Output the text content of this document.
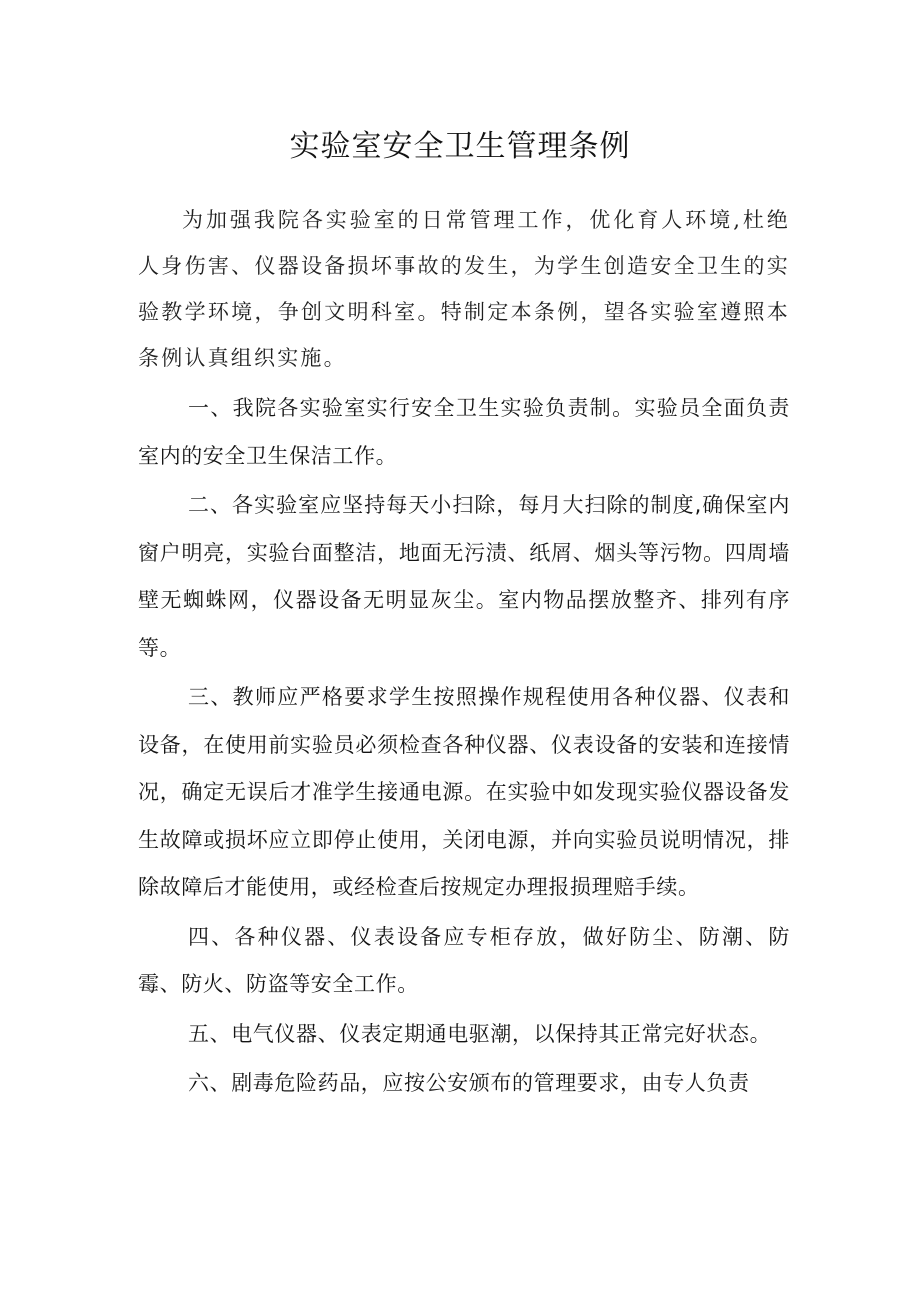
实验室安全卫生管理条例

为加强我院各实验室的日常管理工作，优化育人环境,杜绝人身伤害、仪器设备损坏事故的发生，为学生创造安全卫生的实验教学环境，争创文明科室。特制定本条例，望各实验室遵照本条例认真组织实施。

一、我院各实验室实行安全卫生实验负责制。实验员全面负责室内的安全卫生保洁工作。

二、各实验室应坚持每天小扫除，每月大扫除的制度,确保室内窗户明亮，实验台面整洁，地面无污渍、纸屑、烟头等污物。四周墙壁无蜘蛛网，仪器设备无明显灰尘。室内物品摆放整齐、排列有序等。

三、教师应严格要求学生按照操作规程使用各种仪器、仪表和设备，在使用前实验员必须检查各种仪器、仪表设备的安装和连接情况，确定无误后才准学生接通电源。在实验中如发现实验仪器设备发生故障或损坏应立即停止使用，关闭电源，并向实验员说明情况，排除故障后才能使用，或经检查后按规定办理报损理赔手续。

四、各种仪器、仪表设备应专柜存放，做好防尘、防潮、防霉、防火、防盗等安全工作。

五、电气仪器、仪表定期通电驱潮，以保持其正常完好状态。

六、剧毒危险药品，应按公安颁布的管理要求，由专人负责
